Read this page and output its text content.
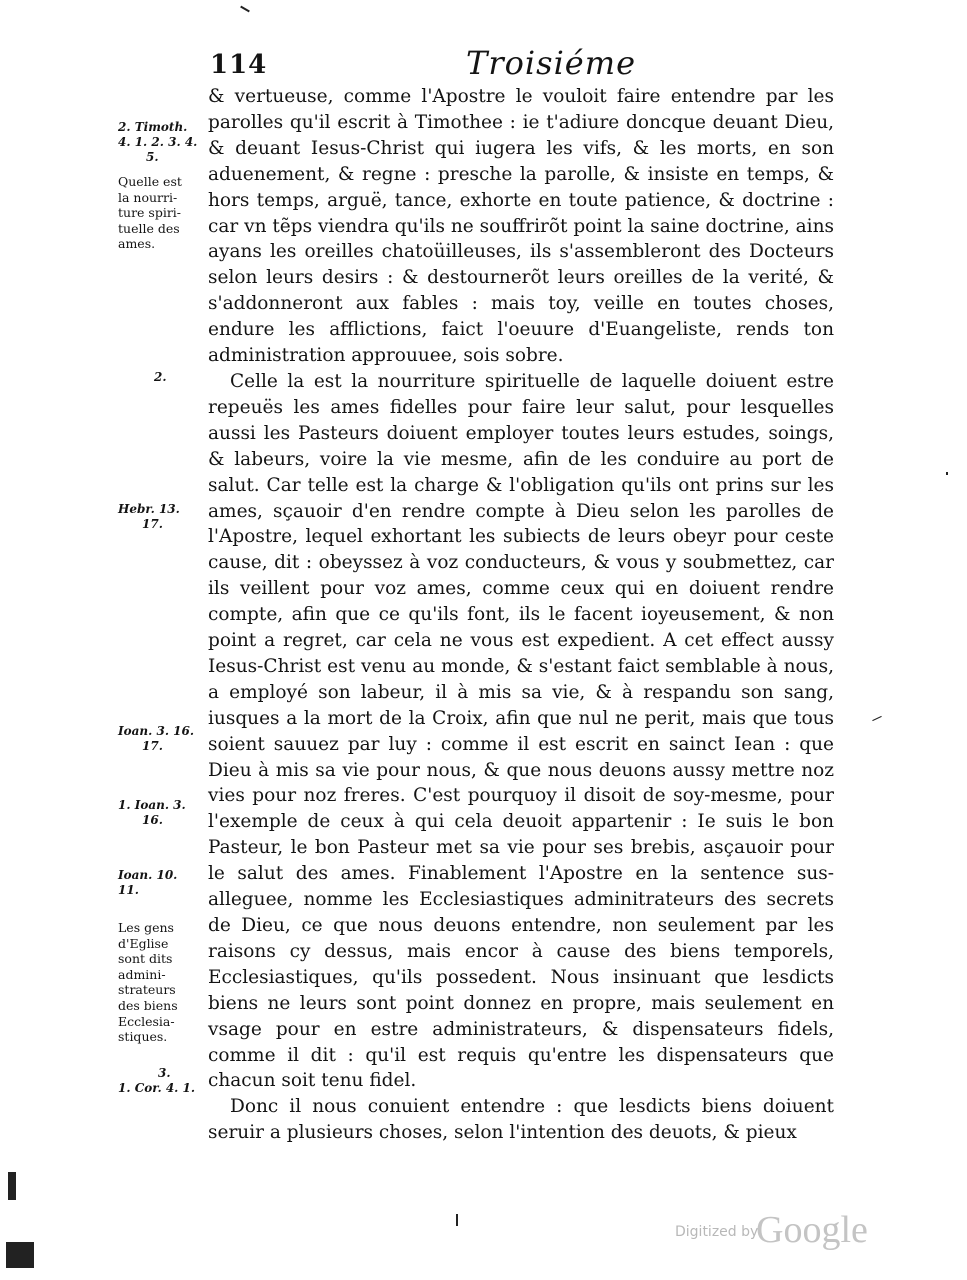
114	Troisiéme

& vertueuse, comme l'Apostre le vouloit faire entendre par les parolles qu'il escrit à Timothee : ie t'adiure doncque deuant Dieu, & deuant Iesus-Christ qui iugera les vifs, & les morts, en son aduenement, & regne : presche la parolle, & insiste en temps, & hors temps, arguë, tance, exhorte en toute patience, & doctrine : car vn tẽps viendra qu'ils ne souffrirõt point la saine doctrine, ains ayans les oreilles chatoüilleuses, ils s'assembleront des Docteurs selon leurs desirs : & destournerõt leurs oreilles de la verité, & s'addonneront aux fables : mais toy, veille en toutes choses, endure les afflictions, faict l'oeuure d'Euangeliste, rends ton administration approuuee, sois sobre.

Celle la est la nourriture spirituelle de laquelle doiuent estre repeuës les ames fidelles pour faire leur salut, pour lesquelles aussi les Pasteurs doiuent employer toutes leurs estudes, soings, & labeurs, voire la vie mesme, afin de les conduire au port de salut. Car telle est la charge & l'obligation qu'ils ont prins sur les ames, sçauoir d'en rendre compte à Dieu selon les parolles de l'Apostre, lequel exhortant les subiects de leurs obeyr pour ceste cause, dit : obeyssez à voz conducteurs, & vous y soubmettez, car ils veillent pour voz ames, comme ceux qui en doiuent rendre compte, afin que ce qu'ils font, ils le facent ioyeusement, & non point a regret, car cela ne vous est expedient. A cet effect aussy Iesus-Christ est venu au monde, & s'estant faict semblable à nous, a employé son labeur, il à mis sa vie, & à respandu son sang, iusques a la mort de la Croix, afin que nul ne perit, mais que tous soient sauuez par luy : comme il est escrit en sainct Iean : que Dieu à mis sa vie pour nous, & que nous deuons aussy mettre noz vies pour noz freres. C'est pourquoy il disoit de soy-mesme, pour l'exemple de ceux à qui cela deuoit appartenir : Ie suis le bon Pasteur, le bon Pasteur met sa vie pour ses brebis, asçauoir pour le salut des ames. Finablement l'Apostre en la sentence sus-alleguee, nomme les Ecclesiastiques adminitrateurs des secrets de Dieu, ce que nous deuons entendre, non seulement par les raisons cy dessus, mais encor à cause des biens temporels, Ecclesiastiques, qu'ils possedent. Nous insinuant que lesdicts biens ne leurs sont point donnez en propre, mais seulement en vsage pour en estre administrateurs, & dispensateurs fidels, comme il dit : qu'il est requis qu'entre les dispensateurs que chacun soit tenu fidel.

Donc il nous conuient entendre : que lesdicts biens doiuent seruir a plusieurs choses, selon l'intention des deuots, & pieux

2. Timoth.
4. 1. 2. 3. 4.
5.
Quelle est
la nourri-
ture spiri-
tuelle des
ames.
2.
Hebr. 13.
17.
Ioan. 3. 16.
17.
1. Ioan. 3.
16.
Ioan. 10. 11.
Les gens
d'Eglise
sont dits
admini-
strateurs
des biens
Ecclesia-
stiques.
3.
1. Cor. 4. 1.
Digitized by
Google
